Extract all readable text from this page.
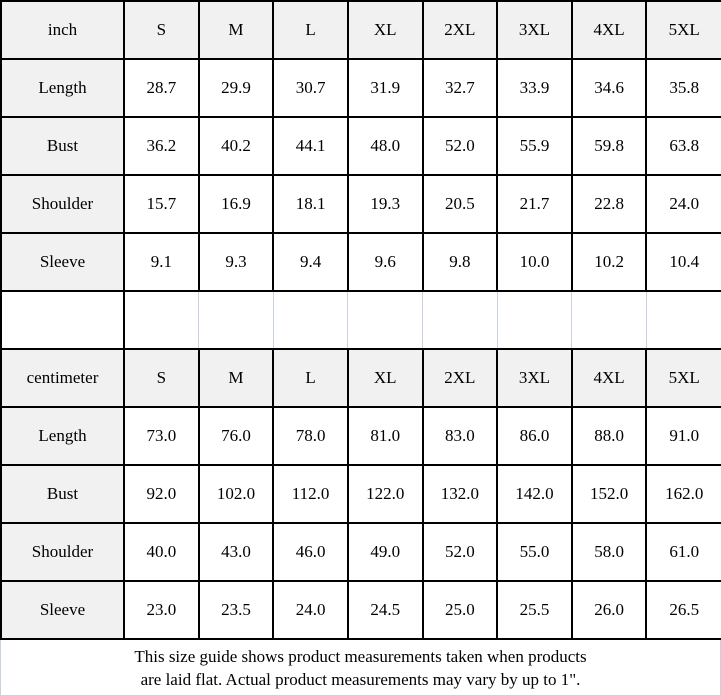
inch	S	M	L	XL	2XL	3XL	4XL	5XL
Length	28.7	29.9	30.7	31.9	32.7	33.9	34.6	35.8
Bust	36.2	40.2	44.1	48.0	52.0	55.9	59.8	63.8
Shoulder	15.7	16.9	18.1	19.3	20.5	21.7	22.8	24.0
Sleeve	9.1	9.3	9.4	9.6	9.8	10.0	10.2	10.4

centimeter	S	M	L	XL	2XL	3XL	4XL	5XL
Length	73.0	76.0	78.0	81.0	83.0	86.0	88.0	91.0
Bust	92.0	102.0	112.0	122.0	132.0	142.0	152.0	162.0
Shoulder	40.0	43.0	46.0	49.0	52.0	55.0	58.0	61.0
Sleeve	23.0	23.5	24.0	24.5	25.0	25.5	26.0	26.5
This size guide shows product measurements taken when products
are laid flat. Actual product measurements may vary by up to 1".
